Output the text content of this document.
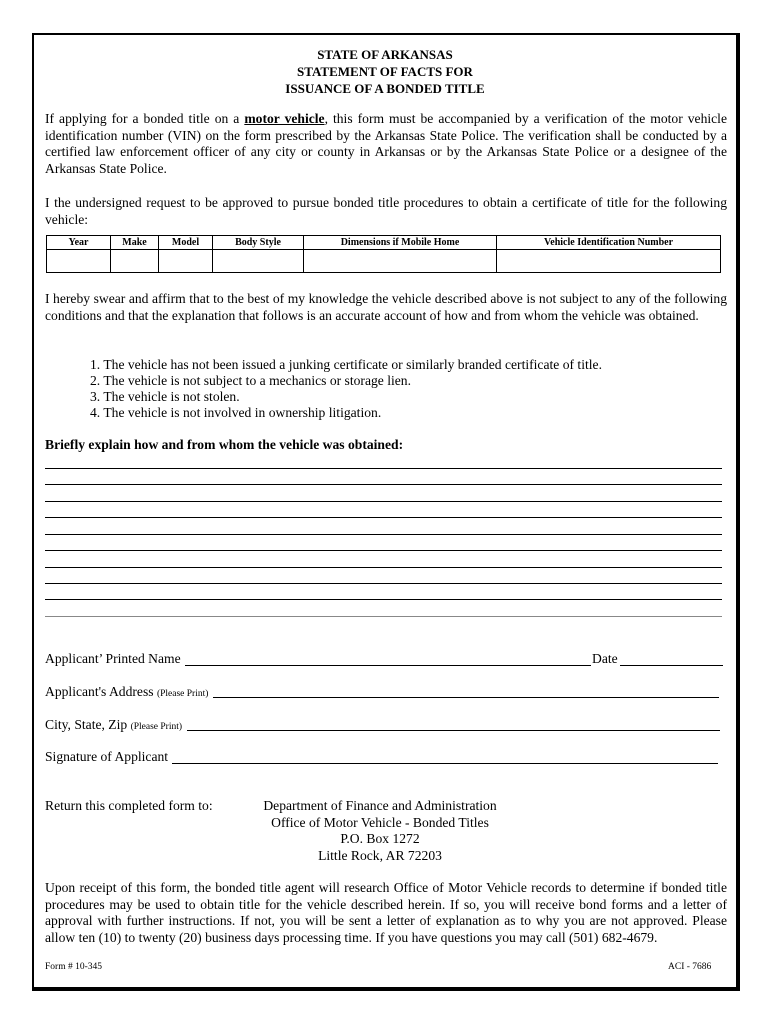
STATE OF ARKANSAS
STATEMENT OF FACTS FOR
ISSUANCE OF A BONDED TITLE
If applying for a bonded title on a motor vehicle, this form must be accompanied by a verification of the motor vehicle identification number (VIN) on the form prescribed by the Arkansas State Police. The verification shall be conducted by a certified law enforcement officer of any city or county in Arkansas or by the Arkansas State Police or a designee of the Arkansas State Police.
I the undersigned request to be approved to pursue bonded title procedures to obtain a certificate of title for the following vehicle:
Year	Make	Model	Body Style	Dimensions if Mobile Home	Vehicle Identification Number

I hereby swear and affirm that to the best of my knowledge the vehicle described above is not subject to any of the following conditions and that the explanation that follows is an accurate account of how and from whom the vehicle was obtained.
1. The vehicle has not been issued a junking certificate or similarly branded certificate of title.
2. The vehicle is not subject to a mechanics or storage lien.
3. The vehicle is not stolen.
4. The vehicle is not involved in ownership litigation.
Briefly explain how and from whom the vehicle was obtained:
Applicant’ Printed Name	Date
Applicant's Address (Please Print)
City, State, Zip (Please Print)
Signature of Applicant
Return this completed form to:	Department of Finance and Administration
Office of Motor Vehicle - Bonded Titles
P.O. Box 1272
Little Rock, AR 72203
Upon receipt of this form, the bonded title agent will research Office of Motor Vehicle records to determine if bonded title procedures may be used to obtain title for the vehicle described herein. If so, you will receive bond forms and a letter of approval with further instructions. If not, you will be sent a letter of explanation as to why you are not approved. Please allow ten (10) to twenty (20) business days processing time. If you have questions you may call (501) 682-4679.
Form # 10-345	ACI - 7686
